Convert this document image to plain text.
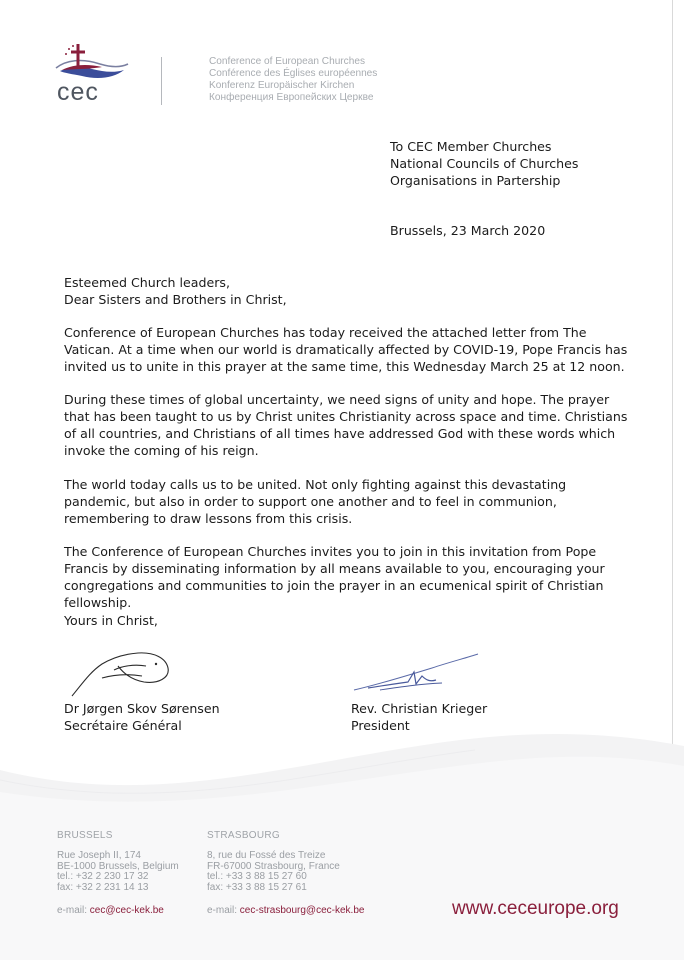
cec
Conference of European Churches
Conférence des Églises européennes
Konferenz Europäischer Kirchen
Конференция Европейских Церкве
To CEC Member Churches
National Councils of Churches
Organisations in Partership
Brussels, 23 March 2020
Esteemed Church leaders,
Dear Sisters and Brothers in Christ,
Conference of European Churches has today received the attached letter from The Vatican. At a time when our world is dramatically affected by COVID-19, Pope Francis has invited us to unite in this prayer at the same time, this Wednesday March 25 at 12 noon.
During these times of global uncertainty, we need signs of unity and hope. The prayer that has been taught to us by Christ unites Christianity across space and time. Christians of all countries, and Christians of all times have addressed God with these words which invoke the coming of his reign.
The world today calls us to be united. Not only fighting against this devastating pandemic, but also in order to support one another and to feel in communion, remembering to draw lessons from this crisis.
The Conference of European Churches invites you to join in this invitation from Pope Francis by disseminating information by all means available to you, encouraging your congregations and communities to join the prayer in an ecumenical spirit of Christian fellowship.
Yours in Christ,
Dr Jørgen Skov Sørensen
Secrétaire Général
Rev. Christian Krieger
President
BRUSSELS
Rue Joseph II, 174
BE-1000 Brussels, Belgium
tel.: +32 2 230 17 32
fax: +32 2 231 14 13
e-mail: cec@cec-kek.be
STRASBOURG
8, rue du Fossé des Treize
FR-67000 Strasbourg, France
tel.: +33 3 88 15 27 60
fax: +33 3 88 15 27 61
e-mail: cec-strasbourg@cec-kek.be	www.ceceurope.org
